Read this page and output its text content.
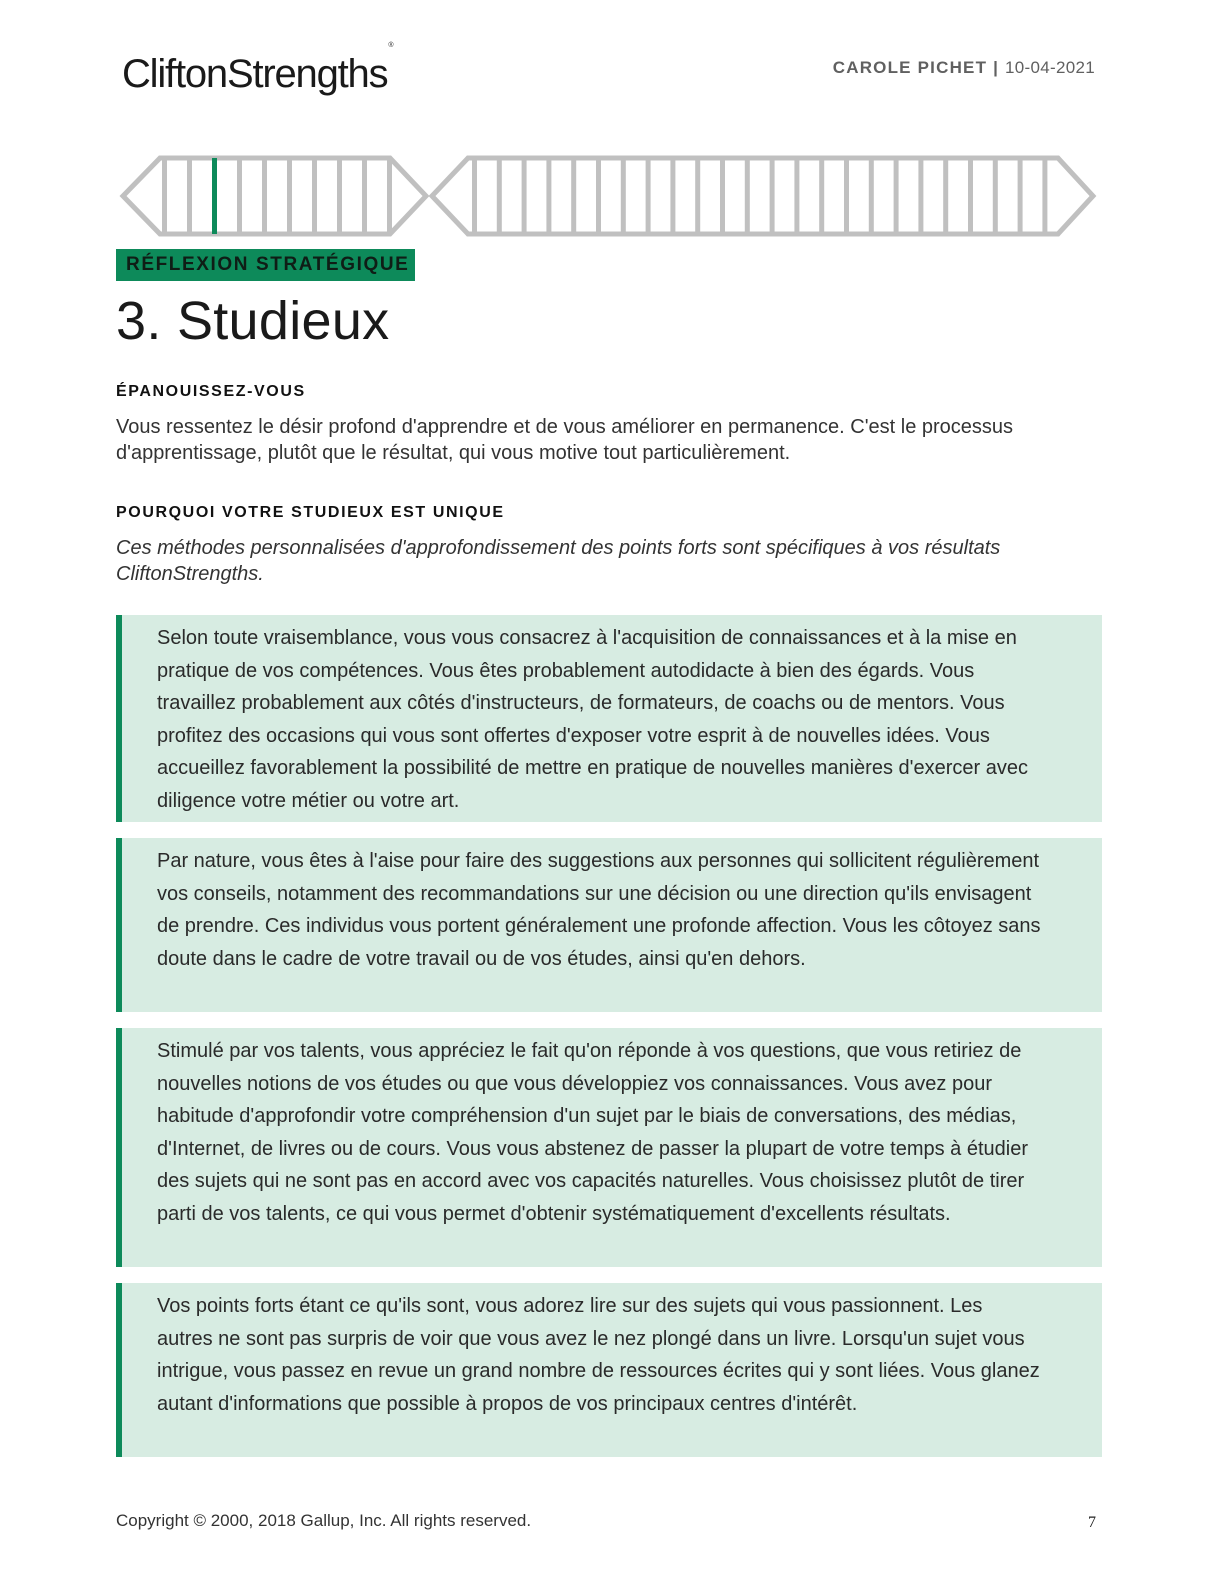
CliftonStrengths®
CAROLE PICHET | 10-04-2021
RÉFLEXION STRATÉGIQUE
3. Studieux
ÉPANOUISSEZ-VOUS

Vous ressentez le désir profond d'apprendre et de vous améliorer en permanence. C'est le processus d'apprentissage, plutôt que le résultat, qui vous motive tout particulièrement.

POURQUOI VOTRE STUDIEUX EST UNIQUE

Ces méthodes personnalisées d'approfondissement des points forts sont spécifiques à vos résultats CliftonStrengths.

Selon toute vraisemblance, vous vous consacrez à l'acquisition de connaissances et à la mise en pratique de vos compétences. Vous êtes probablement autodidacte à bien des égards. Vous travaillez probablement aux côtés d'instructeurs, de formateurs, de coachs ou de mentors. Vous profitez des occasions qui vous sont offertes d'exposer votre esprit à de nouvelles idées. Vous accueillez favorablement la possibilité de mettre en pratique de nouvelles manières d'exercer avec diligence votre métier ou votre art.
Par nature, vous êtes à l'aise pour faire des suggestions aux personnes qui sollicitent régulièrement vos conseils, notamment des recommandations sur une décision ou une direction qu'ils envisagent de prendre. Ces individus vous portent généralement une profonde affection. Vous les côtoyez sans doute dans le cadre de votre travail ou de vos études, ainsi qu'en dehors.
Stimulé par vos talents, vous appréciez le fait qu'on réponde à vos questions, que vous retiriez de nouvelles notions de vos études ou que vous développiez vos connaissances. Vous avez pour habitude d'approfondir votre compréhension d'un sujet par le biais de conversations, des médias, d'Internet, de livres ou de cours. Vous vous abstenez de passer la plupart de votre temps à étudier des sujets qui ne sont pas en accord avec vos capacités naturelles. Vous choisissez plutôt de tirer parti de vos talents, ce qui vous permet d'obtenir systématiquement d'excellents résultats.
Vos points forts étant ce qu'ils sont, vous adorez lire sur des sujets qui vous passionnent. Les autres ne sont pas surpris de voir que vous avez le nez plongé dans un livre. Lorsqu'un sujet vous intrigue, vous passez en revue un grand nombre de ressources écrites qui y sont liées. Vous glanez autant d'informations que possible à propos de vos principaux centres d'intérêt.
Copyright © 2000, 2018 Gallup, Inc. All rights reserved.	7
